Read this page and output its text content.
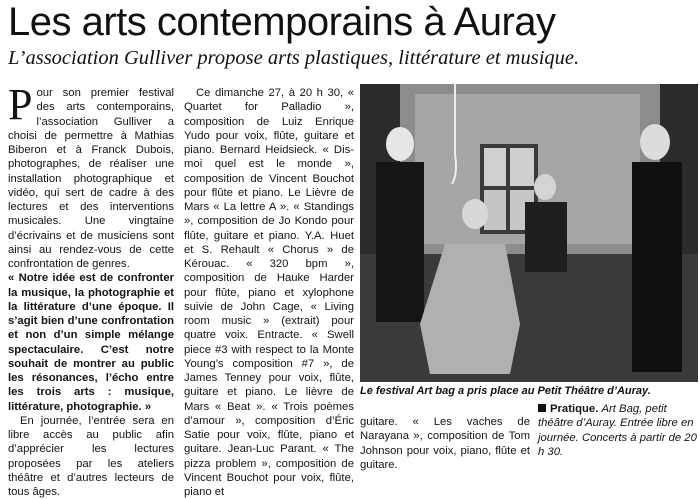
Les arts contemporains à Auray
L’association Gulliver propose arts plastiques, littérature et musique.

Pour son premier festival des arts contemporains, l’association Gulliver a choisi de permettre à Mathias Biberon et à Franck Dubois, photographes, de réaliser une installation photographique et vidéo, qui sert de cadre à des lectures et des interventions musicales. Une vingtaine d’écrivains et de musiciens sont ainsi au rendez-vous de cette confrontation de genres.

« Notre idée est de confronter la musique, la photographie et la littérature d’une époque. Il s’agit bien d’une confrontation et non d’un simple mélange spectaculaire. C’est notre souhait de montrer au public les résonances, l’écho entre les trois arts : musique, littérature, photographie. »

En journée, l’entrée sera en libre accès au public afin d’apprécier les lectures proposées par les ateliers théâtre et d’autres lecteurs de tous âges.

Ce dimanche 27, à 20 h 30, « Quartet for Palladio », composition de Luiz Enrique Yudo pour voix, flûte, guitare et piano. Bernard Heidsieck. « Dis-moi quel est le monde », composition de Vincent Bouchot pour flûte et piano. Le Lièvre de Mars « La lettre A ». « Standings », composition de Jo Kondo pour flûte, guitare et piano. Y.A. Huet et S. Rehault « Chorus » de Kérouac. « 320 bpm », composition de Hauke Harder pour flûte, piano et xylophone suivie de John Cage, « Living room music » (extrait) pour quatre voix. Entracte. « Swell piece #3 with respect to la Monte Young’s composition #7 », de James Tenney pour voix, flûte, guitare et piano. Le lièvre de Mars « Beat ». « Trois poèmes d’amour », composition d’Éric Satie pour voix, flûte, piano et guitare. Jean-Luc Parant. « The pizza problem », composition de Vincent Bouchot pour voix, flûte, piano et

Le festival Art bag a pris place au Petit Théâtre d’Auray.

guitare. « Les vaches de Narayana », composition de Tom Johnson pour voix, piano, flûte et guitare.

Pratique. Art Bag, petit théâtre d’Auray. Entrée libre en journée. Concerts à partir de 20 h 30.
